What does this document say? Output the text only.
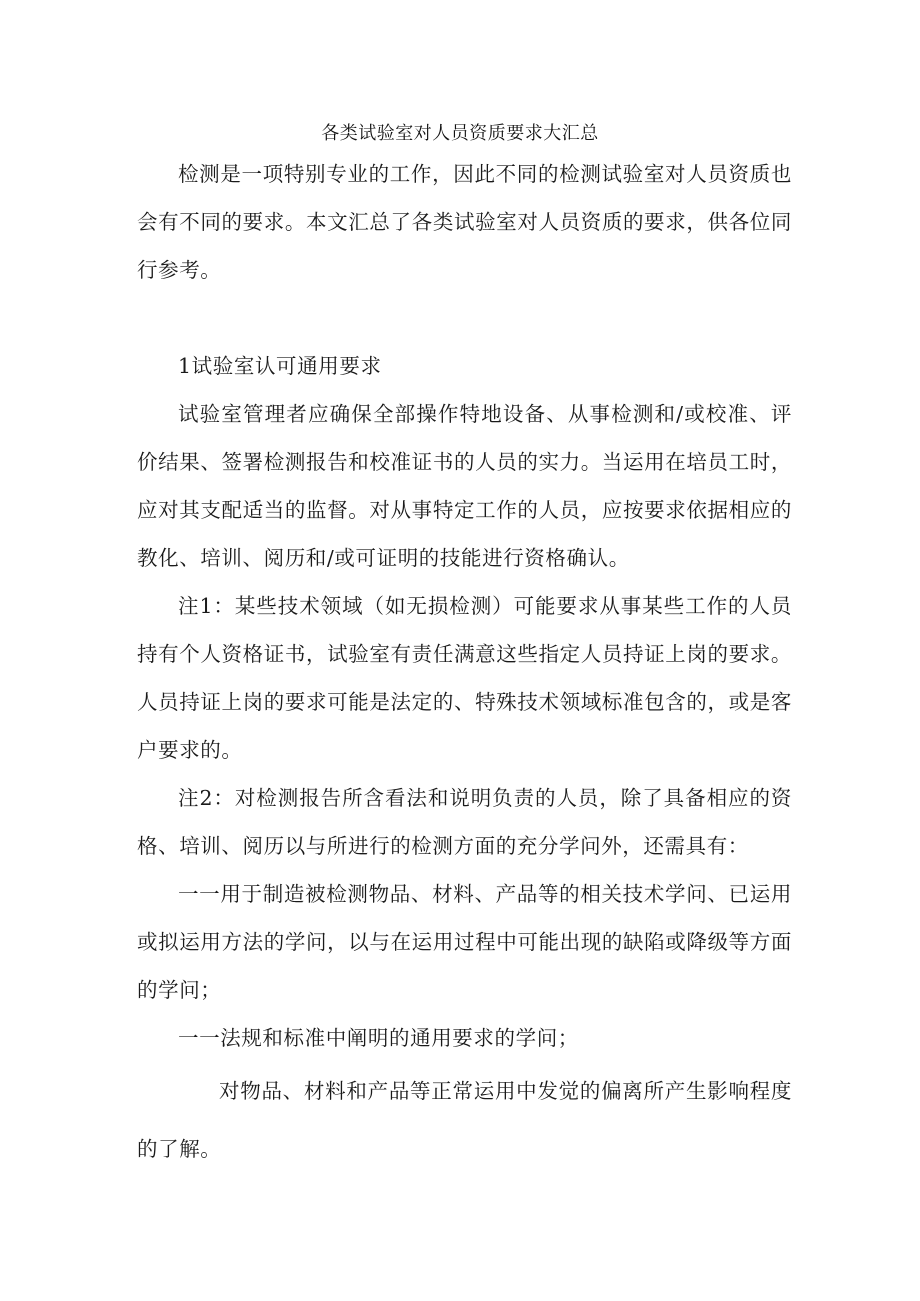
各类试验室对人员资质要求大汇总

检测是一项特别专业的工作，因此不同的检测试验室对人员资质也会有不同的要求。本文汇总了各类试验室对人员资质的要求，供各位同行参考。

1试验室认可通用要求

试验室管理者应确保全部操作特地设备、从事检测和/或校准、评价结果、签署检测报告和校准证书的人员的实力。当运用在培员工时，应对其支配适当的监督。对从事特定工作的人员，应按要求依据相应的教化、培训、阅历和/或可证明的技能进行资格确认。

注1：某些技术领域（如无损检测）可能要求从事某些工作的人员持有个人资格证书，试验室有责任满意这些指定人员持证上岗的要求。人员持证上岗的要求可能是法定的、特殊技术领域标准包含的，或是客户要求的。

注2：对检测报告所含看法和说明负责的人员，除了具备相应的资格、培训、阅历以与所进行的检测方面的充分学问外，还需具有：

一一用于制造被检测物品、材料、产品等的相关技术学问、已运用或拟运用方法的学问，以与在运用过程中可能出现的缺陷或降级等方面的学问；

一一法规和标准中阐明的通用要求的学问；

对物品、材料和产品等正常运用中发觉的偏离所产生影响程度的了解。
